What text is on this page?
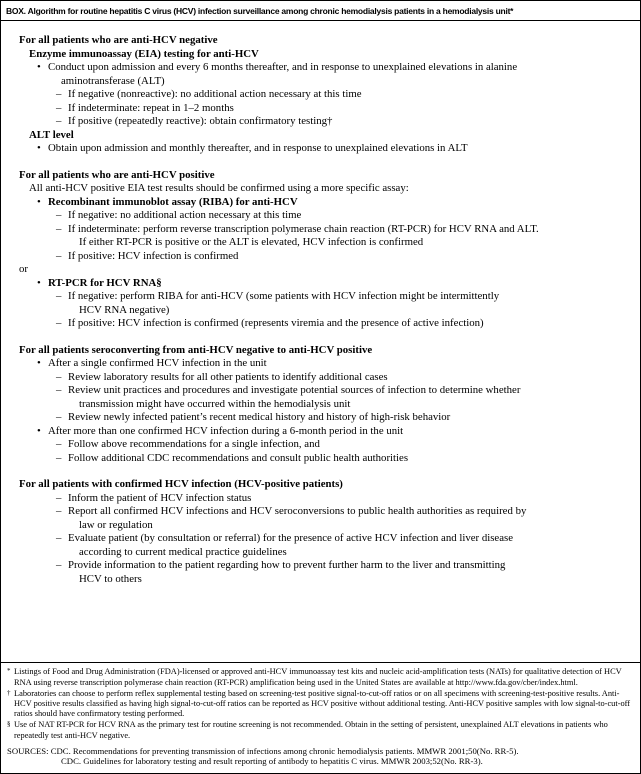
BOX. Algorithm for routine hepatitis C virus (HCV) infection surveillance among chronic hemodialysis patients in a hemodialysis unit*
For all patients who are anti-HCV negative
Enzyme immunoassay (EIA) testing for anti-HCV
• Conduct upon admission and every 6 months thereafter, and in response to unexplained elevations in alanine
aminotransferase (ALT)
– If negative (nonreactive): no additional action necessary at this time
– If indeterminate: repeat in 1–2 months
– If positive (repeatedly reactive): obtain confirmatory testing†
ALT level
• Obtain upon admission and monthly thereafter, and in response to unexplained elevations in ALT
For all patients who are anti-HCV positive
All anti-HCV positive EIA test results should be confirmed using a more specific assay:
• Recombinant immunoblot assay (RIBA) for anti-HCV
– If negative: no additional action necessary at this time
– If indeterminate: perform reverse transcription polymerase chain reaction (RT-PCR) for HCV RNA and ALT.
If either RT-PCR is positive or the ALT is elevated, HCV infection is confirmed
– If positive: HCV infection is confirmed
or
• RT-PCR for HCV RNA§
– If negative: perform RIBA for anti-HCV (some patients with HCV infection might be intermittently
HCV RNA negative)
– If positive: HCV infection is confirmed (represents viremia and the presence of active infection)
For all patients seroconverting from anti-HCV negative to anti-HCV positive
• After a single confirmed HCV infection in the unit
– Review laboratory results for all other patients to identify additional cases
– Review unit practices and procedures and investigate potential sources of infection to determine whether
transmission might have occurred within the hemodialysis unit
– Review newly infected patient’s recent medical history and history of high-risk behavior
• After more than one confirmed HCV infection during a 6-month period in the unit
– Follow above recommendations for a single infection, and
– Follow additional CDC recommendations and consult public health authorities
For all patients with confirmed HCV infection (HCV-positive patients)
– Inform the patient of HCV infection status
– Report all confirmed HCV infections and HCV seroconversions to public health authorities as required by
law or regulation
– Evaluate patient (by consultation or referral) for the presence of active HCV infection and liver disease
according to current medical practice guidelines
– Provide information to the patient regarding how to prevent further harm to the liver and transmitting
HCV to others
* Listings of Food and Drug Administration (FDA)-licensed or approved anti-HCV immunoassay test kits and nucleic acid-amplification tests (NATs) for qualitative detection of HCV RNA using reverse transcription polymerase chain reaction (RT-PCR) amplification being used in the United States are available at http://www.fda.gov/cber/index.html.
† Laboratories can choose to perform reflex supplemental testing based on screening-test positive signal-to-cut-off ratios or on all specimens with screening-test-positive results. Anti-HCV positive results classified as having high signal-to-cut-off ratios can be reported as HCV positive without additional testing. Anti-HCV positive samples with low signal-to-cut-off ratios should have confirmatory testing performed.
§ Use of NAT RT-PCR for HCV RNA as the primary test for routine screening is not recommended. Obtain in the setting of persistent, unexplained ALT elevations in patients who repeatedly test anti-HCV negative.
SOURCES: CDC. Recommendations for preventing transmission of infections among chronic hemodialysis patients. MMWR 2001;50(No. RR-5).
CDC. Guidelines for laboratory testing and result reporting of antibody to hepatitis C virus. MMWR 2003;52(No. RR-3).
